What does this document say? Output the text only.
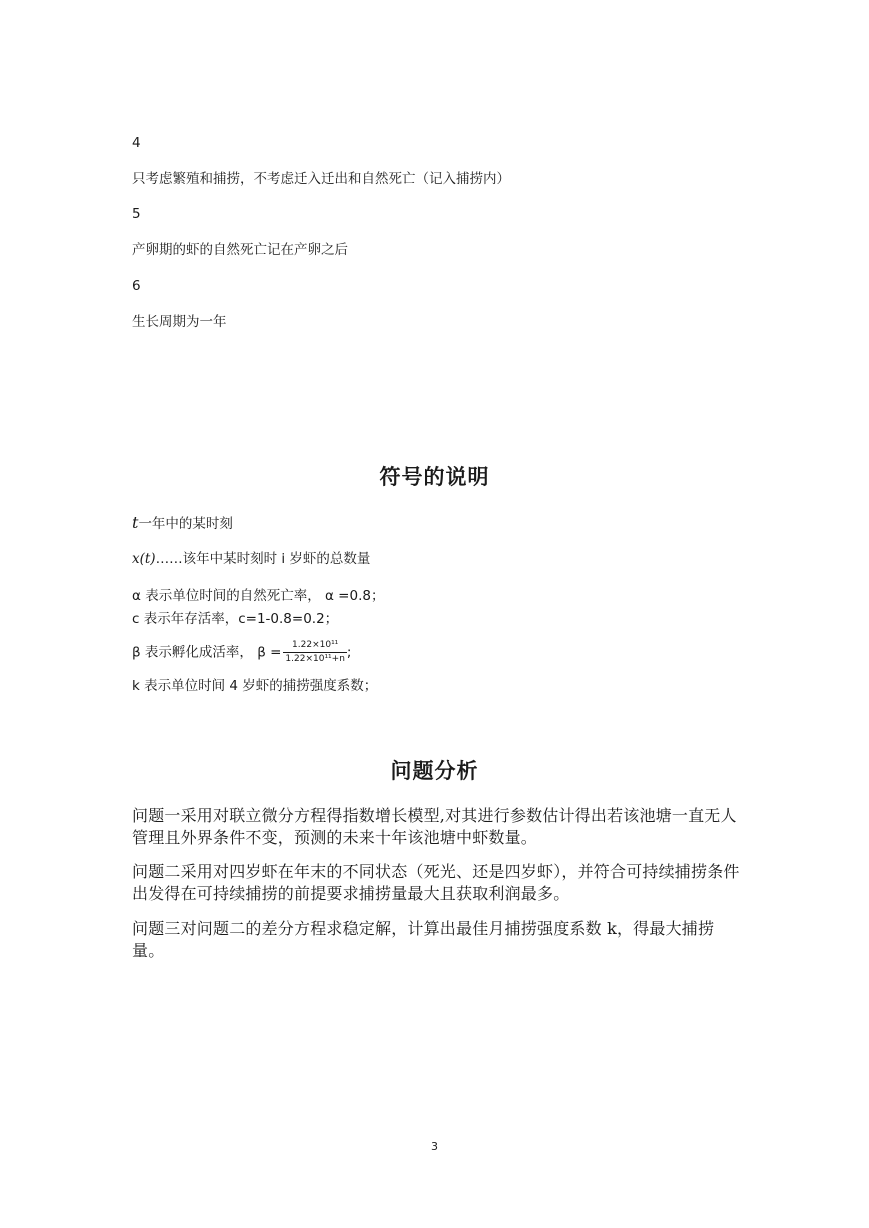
4
只考虑繁殖和捕捞，不考虑迁入迁出和自然死亡（记入捕捞内）
5
产卵期的虾的自然死亡记在产卵之后
6
生长周期为一年
符号的说明
t一年中的某时刻
x(t)……该年中某时刻时 i 岁虾的总数量
α 表示单位时间的自然死亡率， α =0.8；
c 表示年存活率，c=1-0.8=0.2；
β 表示孵化成活率， $\beta = \frac{\text{1.22×10¹¹}}{\text{1.22×10¹¹+n}}$ ;
k 表示单位时间 4 岁虾的捕捞强度系数；
问题分析
问题一采用对联立微分方程得指数增长模型,对其进行参数估计得出若该池塘一直无人管理且外界条件不变，预测的未来十年该池塘中虾数量。
问题二采用对四岁虾在年末的不同状态（死光、还是四岁虾），并符合可持续捕捞条件出发得在可持续捕捞的前提要求捕捞量最大且获取利润最多。
问题三对问题二的差分方程求稳定解，计算出最佳月捕捞强度系数 k，得最大捕捞量。
3
